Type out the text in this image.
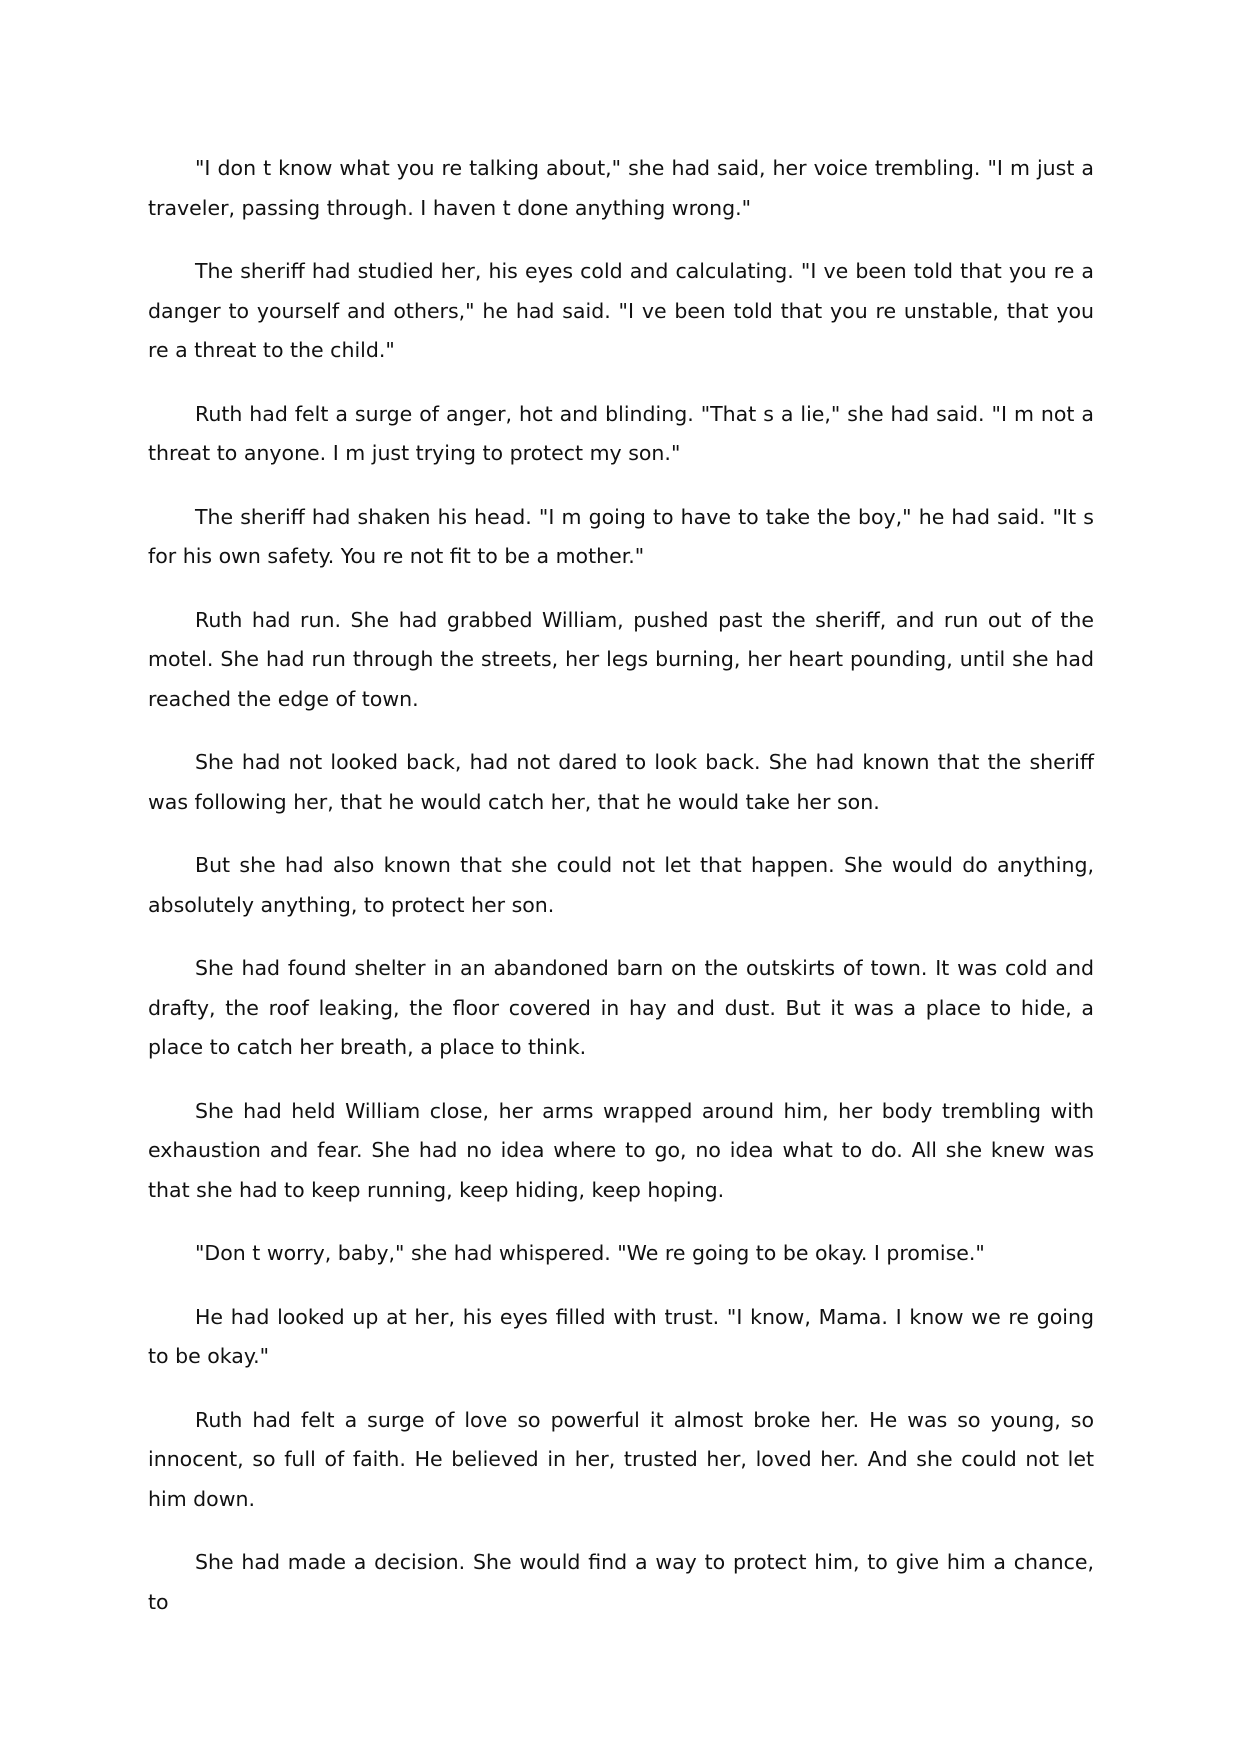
"I don t know what you re talking about," she had said, her voice trembling. "I m just a traveler, passing through. I haven t done anything wrong."

The sheriff had studied her, his eyes cold and calculating. "I ve been told that you re a danger to yourself and others," he had said. "I ve been told that you re unstable, that you re a threat to the child."

Ruth had felt a surge of anger, hot and blinding. "That s a lie," she had said. "I m not a threat to anyone. I m just trying to protect my son."

The sheriff had shaken his head. "I m going to have to take the boy," he had said. "It s for his own safety. You re not fit to be a mother."

Ruth had run. She had grabbed William, pushed past the sheriff, and run out of the motel. She had run through the streets, her legs burning, her heart pounding, until she had reached the edge of town.

She had not looked back, had not dared to look back. She had known that the sheriff was following her, that he would catch her, that he would take her son.

But she had also known that she could not let that happen. She would do anything, absolutely anything, to protect her son.

She had found shelter in an abandoned barn on the outskirts of town. It was cold and drafty, the roof leaking, the floor covered in hay and dust. But it was a place to hide, a place to catch her breath, a place to think.

She had held William close, her arms wrapped around him, her body trembling with exhaustion and fear. She had no idea where to go, no idea what to do. All she knew was that she had to keep running, keep hiding, keep hoping.

"Don t worry, baby," she had whispered. "We re going to be okay. I promise."

He had looked up at her, his eyes filled with trust. "I know, Mama. I know we re going to be okay."

Ruth had felt a surge of love so powerful it almost broke her. He was so young, so innocent, so full of faith. He believed in her, trusted her, loved her. And she could not let him down.

She had made a decision. She would find a way to protect him, to give him a chance, to
